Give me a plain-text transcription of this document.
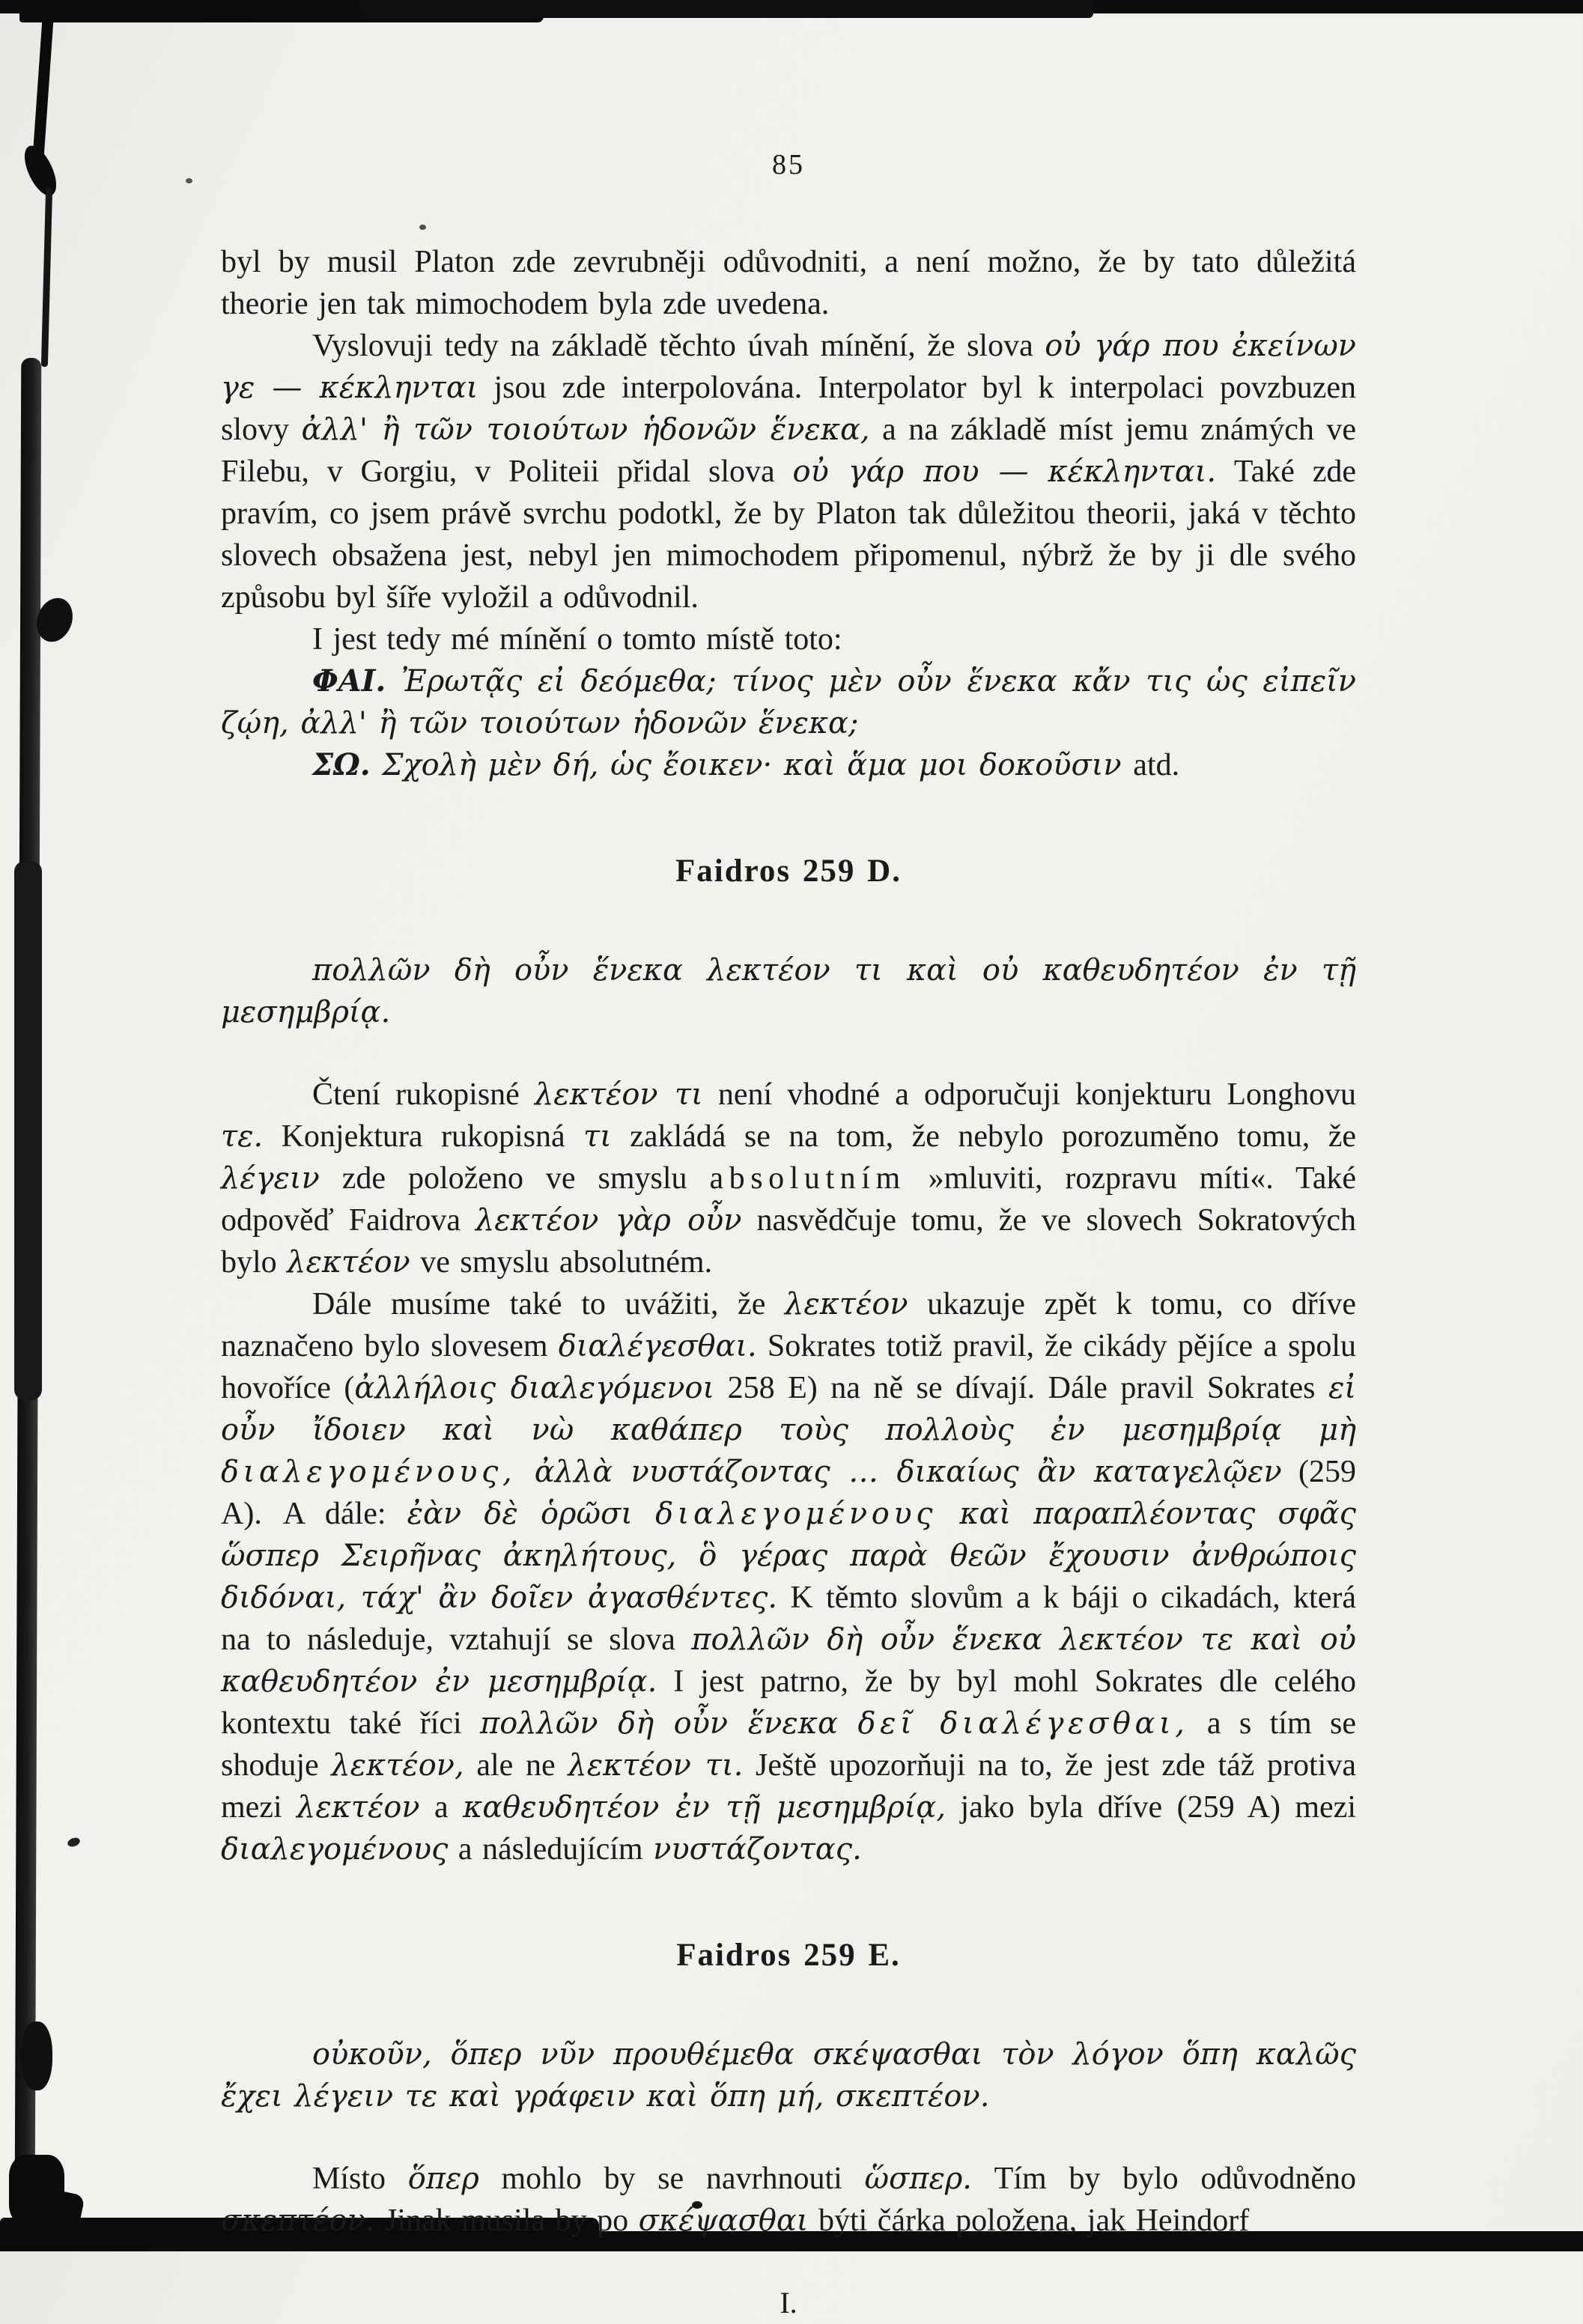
85

byl by musil Platon zde zevrubněji odůvodniti, a není možno, že by tato důležitá theorie jen tak mimochodem byla zde uvedena.

Vyslovuji tedy na základě těchto úvah mínění, že slova οὐ γάρ που ἐκείνων γε — κέκληνται jsou zde interpolována. Interpolator byl k interpolaci povzbuzen slovy ἀλλ' ἢ τῶν τοιούτων ἡδονῶν ἕνεκα, a na základě míst jemu známých ve Filebu, v Gorgiu, v Politeii přidal slova οὐ γάρ που — κέκληνται. Také zde pravím, co jsem právě svrchu podotkl, že by Platon tak důležitou theorii, jaká v těchto slovech obsažena jest, nebyl jen mimochodem připomenul, nýbrž že by ji dle svého způsobu byl šíře vyložil a odůvodnil.

I jest tedy mé mínění o tomto místě toto:

ΦΑΙ. Ἐρωτᾷς εἰ δεόμεθα; τίνος μὲν οὖν ἕνεκα κἄν τις ὡς εἰπεῖν ζῴη, ἀλλ' ἢ τῶν τοιούτων ἡδονῶν ἕνεκα;

ΣΩ. Σχολὴ μὲν δή, ὡς ἔοικεν· καὶ ἅμα μοι δοκοῦσιν atd.

Faidros 259 D.

πολλῶν δὴ οὖν ἕνεκα λεκτέον τι καὶ οὐ καθευδητέον ἐν τῇ μεσημβρίᾳ.

Čtení rukopisné λεκτέον τι není vhodné a odporučuji konjekturu Longhovu τε. Konjektura rukopisná τι zakládá se na tom, že nebylo porozuměno tomu, že λέγειν zde položeno ve smyslu absolutním »mluviti, rozpravu míti«. Také odpověď Faidrova λεκτέον γὰρ οὖν nasvědčuje tomu, že ve slovech Sokratových bylo λεκτέον ve smyslu absolutném.

Dále musíme také to uvážiti, že λεκτέον ukazuje zpět k tomu, co dříve naznačeno bylo slovesem διαλέγεσθαι. Sokrates totiž pravil, že cikády pějíce a spolu hovoříce (ἀλλήλοις διαλεγόμενοι 258 E) na ně se dívají. Dále pravil Sokrates εἰ οὖν ἴδοιεν καὶ νὼ καθάπερ τοὺς πολλοὺς ἐν μεσημβρίᾳ μὴ διαλεγομένους, ἀλλὰ νυστάζοντας … δικαίως ἂν καταγελῷεν (259 A). A dále: ἐὰν δὲ ὁρῶσι διαλεγομένους καὶ παραπλέοντας σφᾶς ὥσπερ Σειρῆνας ἀκηλήτους, ὃ γέρας παρὰ θεῶν ἔχουσιν ἀνθρώποις διδόναι, τάχ' ἂν δοῖεν ἀγασθέντες. K těmto slovům a k báji o cikadách, která na to následuje, vztahují se slova πολλῶν δὴ οὖν ἕνεκα λεκτέον τε καὶ οὐ καθευδητέον ἐν μεσημβρίᾳ. I jest patrno, že by byl mohl Sokrates dle celého kontextu také říci πολλῶν δὴ οὖν ἕνεκα δεῖ διαλέγεσθαι, a s tím se shoduje λεκτέον, ale ne λεκτέον τι. Ještě upozorňuji na to, že jest zde táž protiva mezi λεκτέον a καθευδητέον ἐν τῇ μεσημβρίᾳ, jako byla dříve (259 A) mezi διαλεγομένους a následujícím νυστάζοντας.

Faidros 259 E.

οὐκοῦν, ὅπερ νῦν προυθέμεθα σκέψασθαι τὸν λόγον ὅπη καλῶς ἔχει λέγειν τε καὶ γράφειν καὶ ὅπη μή, σκεπτέον.

Místo ὅπερ mohlo by se navrhnouti ὥσπερ. Tím by bylo odůvodněno σκεπτέον. Jinak musila by po σκέψασθαι býti čárka položena, jak Heindorf

I.
